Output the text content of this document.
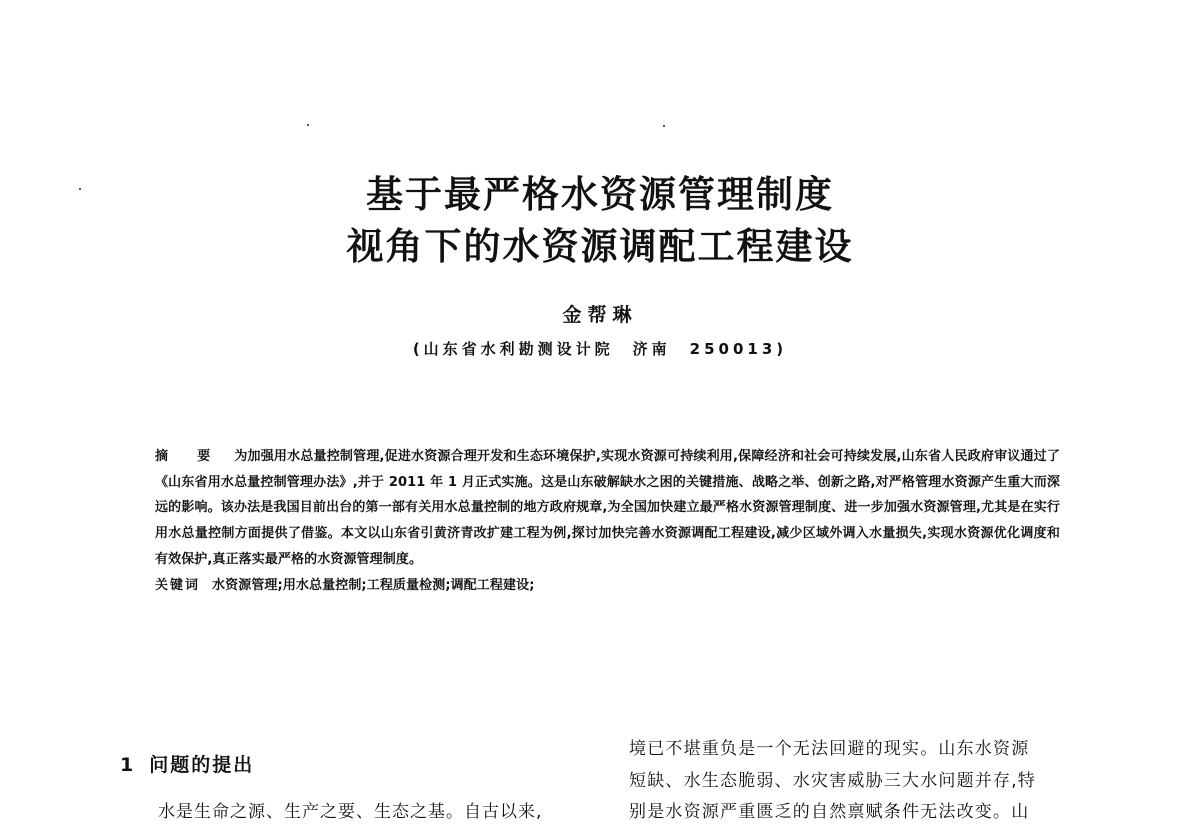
基于最严格水资源管理制度
视角下的水资源调配工程建设
金帮琳
(山东省水利勘测设计院　济南　250013)
摘　要 为加强用水总量控制管理,促进水资源合理开发和生态环境保护,实现水资源可持续利用,保障经济和社会可持续发展,山东省人民政府审议通过了《山东省用水总量控制管理办法》,并于 2011 年 1 月正式实施。这是山东破解缺水之困的关键措施、战略之举、创新之路,对严格管理水资源产生重大而深远的影响。该办法是我国目前出台的第一部有关用水总量控制的地方政府规章,为全国加快建立最严格水资源管理制度、进一步加强水资源管理,尤其是在实行用水总量控制方面提供了借鉴。本文以山东省引黄济青改扩建工程为例,探讨加快完善水资源调配工程建设,减少区域外调入水量损失,实现水资源优化调度和有效保护,真正落实最严格的水资源管理制度。
关键词 水资源管理;用水总量控制;工程质量检测;调配工程建设;
1 问题的提出
水是生命之源、生产之要、生态之基。自古以来,
境已不堪重负是一个无法回避的现实。山东水资源
短缺、水生态脆弱、水灾害威胁三大水问题并存,特
别是水资源严重匮乏的自然禀赋条件无法改变。山
